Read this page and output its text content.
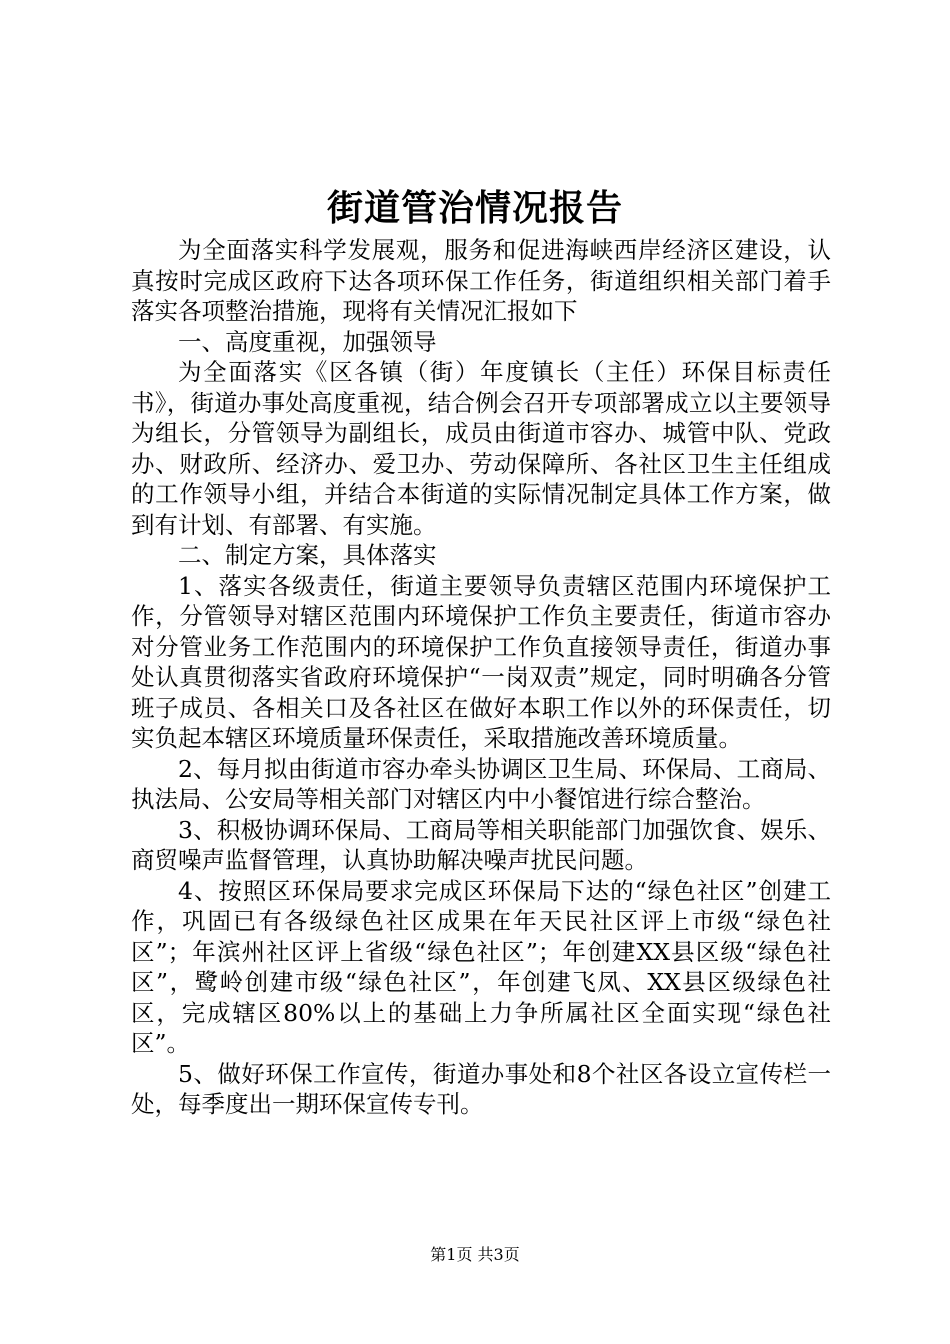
街道管治情况报告

为全面落实科学发展观，服务和促进海峡西岸经济区建设，认真按时完成区政府下达各项环保工作任务，街道组织相关部门着手落实各项整治措施，现将有关情况汇报如下

一、高度重视，加强领导

为全面落实《区各镇（街）年度镇长（主任）环保目标责任书》，街道办事处高度重视，结合例会召开专项部署成立以主要领导为组长，分管领导为副组长，成员由街道市容办、城管中队、党政办、财政所、经济办、爱卫办、劳动保障所、各社区卫生主任组成的工作领导小组，并结合本街道的实际情况制定具体工作方案，做到有计划、有部署、有实施。

二、制定方案，具体落实

1、落实各级责任，街道主要领导负责辖区范围内环境保护工作，分管领导对辖区范围内环境保护工作负主要责任，街道市容办对分管业务工作范围内的环境保护工作负直接领导责任，街道办事处认真贯彻落实省政府环境保护“一岗双责”规定，同时明确各分管班子成员、各相关口及各社区在做好本职工作以外的环保责任，切实负起本辖区环境质量环保责任，采取措施改善环境质量。

2、每月拟由街道市容办牵头协调区卫生局、环保局、工商局、执法局、公安局等相关部门对辖区内中小餐馆进行综合整治。

3、积极协调环保局、工商局等相关职能部门加强饮食、娱乐、商贸噪声监督管理，认真协助解决噪声扰民问题。

4、按照区环保局要求完成区环保局下达的“绿色社区”创建工作，巩固已有各级绿色社区成果在年天民社区评上市级“绿色社区”；年滨州社区评上省级“绿色社区”；年创建XX县区级“绿色社区”，鹭岭创建市级“绿色社区”，年创建飞凤、XX县区级绿色社区，完成辖区80%以上的基础上力争所属社区全面实现“绿色社区”。

5、做好环保工作宣传，街道办事处和8个社区各设立宣传栏一处，每季度出一期环保宣传专刊。

第1页 共3页
